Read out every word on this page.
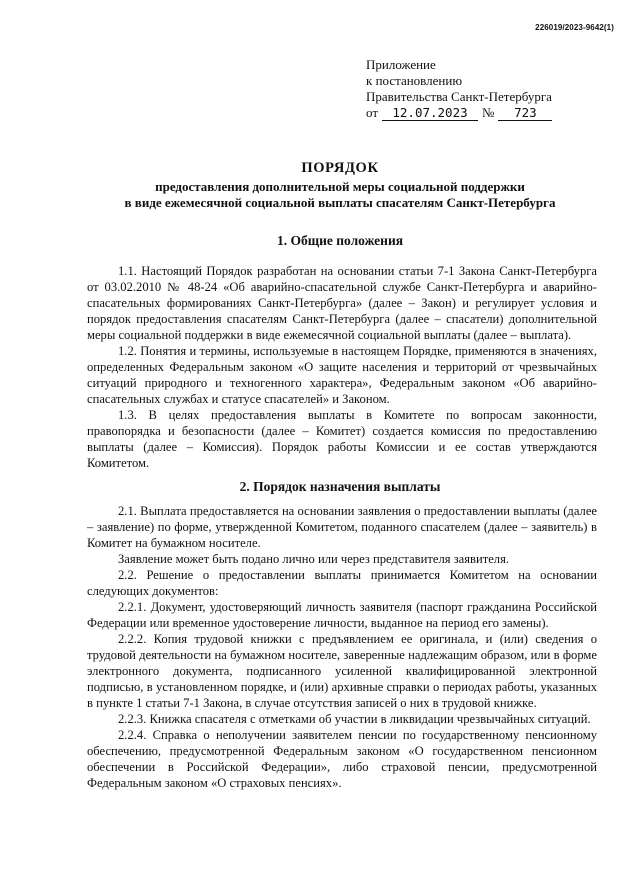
226019/2023-9642(1)
Приложение
к постановлению
Правительства Санкт-Петербурга
от 12.07.2023 № 723
ПОРЯДОК
предоставления дополнительной меры социальной поддержки
в виде ежемесячной социальной выплаты спасателям Санкт-Петербурга
1. Общие положения

1.1. Настоящий Порядок разработан на основании статьи 7-1 Закона Санкт-Петербурга от 03.02.2010 № 48-24 «Об аварийно-спасательной службе Санкт-Петербурга и аварийно-спасательных формированиях Санкт-Петербурга» (далее – Закон) и регулирует условия и порядок предоставления спасателям Санкт-Петербурга (далее – спасатели) дополнительной меры социальной поддержки в виде ежемесячной социальной выплаты (далее – выплата).

1.2. Понятия и термины, используемые в настоящем Порядке, применяются в значениях, определенных Федеральным законом «О защите населения и территорий от чрезвычайных ситуаций природного и техногенного характера», Федеральным законом «Об аварийно-спасательных службах и статусе спасателей» и Законом.

1.3. В целях предоставления выплаты в Комитете по вопросам законности, правопорядка и безопасности (далее – Комитет) создается комиссия по предоставлению выплаты (далее – Комиссия). Порядок работы Комиссии и ее состав утверждаются Комитетом.

2. Порядок назначения выплаты

2.1. Выплата предоставляется на основании заявления о предоставлении выплаты (далее – заявление) по форме, утвержденной Комитетом, поданного спасателем (далее – заявитель) в Комитет на бумажном носителе.

Заявление может быть подано лично или через представителя заявителя.

2.2. Решение о предоставлении выплаты принимается Комитетом на основании следующих документов:

2.2.1. Документ, удостоверяющий личность заявителя (паспорт гражданина Российской Федерации или временное удостоверение личности, выданное на период его замены).

2.2.2. Копия трудовой книжки с предъявлением ее оригинала, и (или) сведения о трудовой деятельности на бумажном носителе, заверенные надлежащим образом, или в форме электронного документа, подписанного усиленной квалифицированной электронной подписью, в установленном порядке, и (или) архивные справки о периодах работы, указанных в пункте 1 статьи 7-1 Закона, в случае отсутствия записей о них в трудовой книжке.

2.2.3. Книжка спасателя с отметками об участии в ликвидации чрезвычайных ситуаций.

2.2.4. Справка о неполучении заявителем пенсии по государственному пенсионному обеспечению, предусмотренной Федеральным законом «О государственном пенсионном обеспечении в Российской Федерации», либо страховой пенсии, предусмотренной Федеральным законом «О страховых пенсиях».
